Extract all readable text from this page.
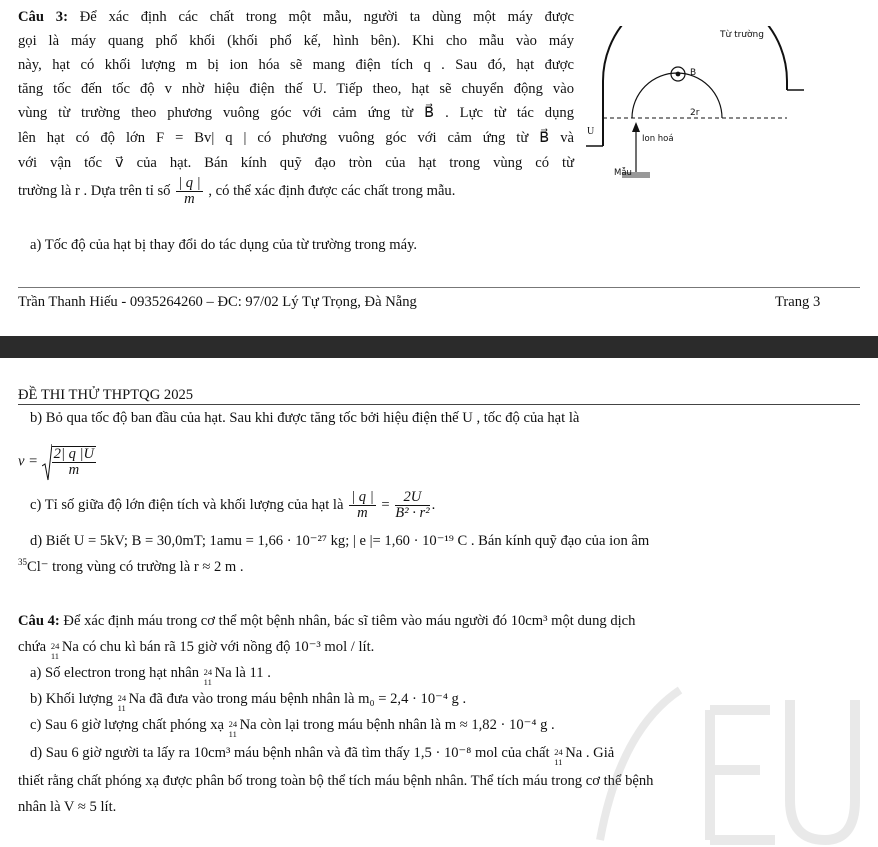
Câu 3: Để xác định các chất trong một mẫu, người ta dùng một máy được
gọi là máy quang phổ khối (khối phổ kế, hình bên). Khi cho mẫu vào máy
này, hạt có khối lượng m bị ion hóa sẽ mang điện tích q . Sau đó, hạt được
tăng tốc đến tốc độ v nhờ hiệu điện thế U. Tiếp theo, hạt sẽ chuyển động vào
vùng từ trường theo phương vuông góc với cảm ứng từ B⃗ . Lực từ tác dụng
lên hạt có độ lớn F = Bv| q | có phương vuông góc với cảm ứng từ B⃗ và
với vận tốc v⃗ của hạt. Bán kính quỹ đạo tròn của hạt trong vùng có từ
trường là r . Dựa trên tỉ số $\frac{| q |}{m}$ , có thể xác định được các chất trong mẫu.
a) Tốc độ của hạt bị thay đổi do tác dụng của từ trường trong máy.
Từ trường
B
2r
U
Ion hoá
Mẫu
Trần Thanh Hiếu - 0935264260 – ĐC: 97/02 Lý Tự Trọng, Đà Nẵng	Trang 3
ĐỀ THI THỬ THPTQG 2025
b) Bỏ qua tốc độ ban đầu của hạt. Sau khi được tăng tốc bởi hiệu điện thế U , tốc độ của hạt là
$v = \frac{2| q |U}{m}$
c) Tỉ số giữa độ lớn điện tích và khối lượng của hạt là $\frac{| q |}{m} = \frac{2U}{\text{B² · r²}}$ .
d) Biết U = 5kV; B = 30,0mT; 1amu = 1,66 · 10⁻²⁷ kg; | e |= 1,60 · 10⁻¹⁹ C . Bán kính quỹ đạo của ion âm
$^{35}$Cl⁻ trong vùng có trường là r ≈ 2 m .
Câu 4: Để xác định máu trong cơ thể một bệnh nhân, bác sĩ tiêm vào máu người đó 10cm³ một dung dịch
chứa 24
11
Na có chu kì bán rã 15 giờ với nồng độ 10⁻³ mol / lít.
a) Số electron trong hạt nhân 24
11
Na là 11 .
b) Khối lượng 24
11
Na đã đưa vào trong máu bệnh nhân là m₀ = 2,4 · 10⁻⁴ g .
c) Sau 6 giờ lượng chất phóng xạ 24
11
Na còn lại trong máu bệnh nhân là m ≈ 1,82 · 10⁻⁴ g .
d) Sau 6 giờ người ta lấy ra 10cm³ máu bệnh nhân và đã tìm thấy 1,5 · 10⁻⁸ mol của chất 24
11
Na . Giả
thiết rằng chất phóng xạ được phân bố trong toàn bộ thể tích máu bệnh nhân. Thể tích máu trong cơ thể bệnh
nhân là V ≈ 5 lít.
